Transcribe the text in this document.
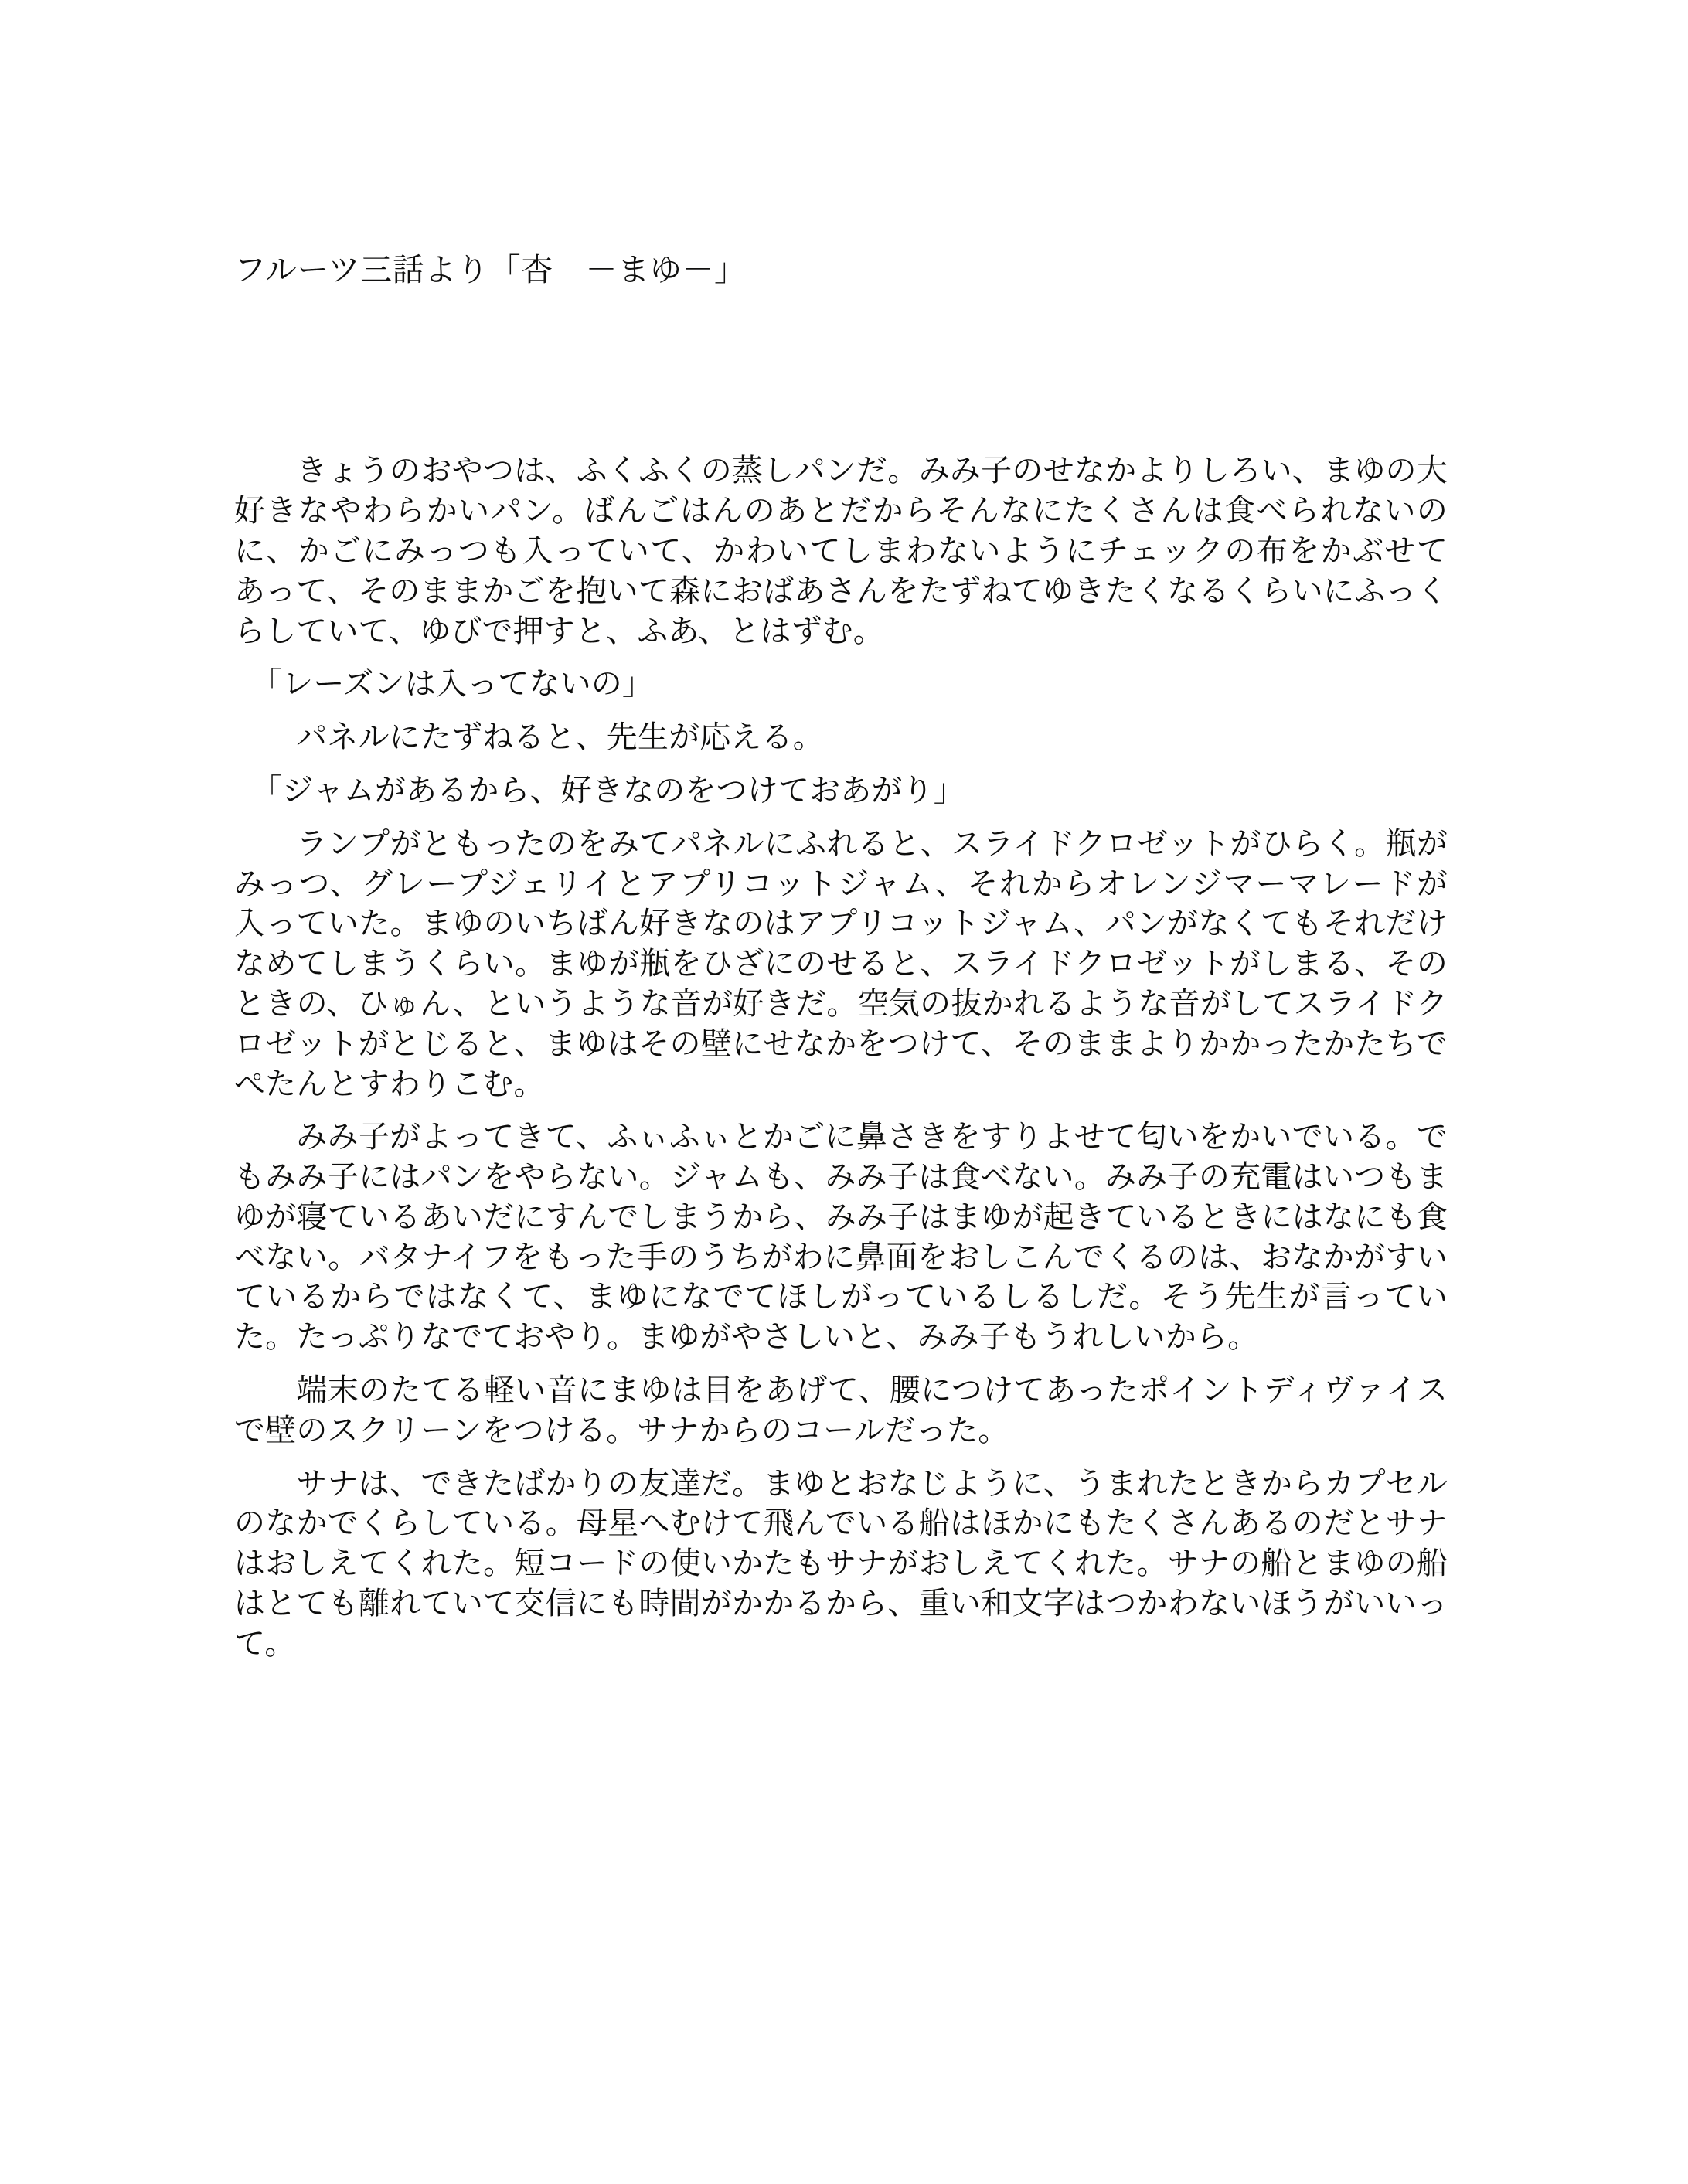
フルーツ三話より「杏　－まゆ－」

　きょうのおやつは、ふくふくの蒸しパンだ。みみ子のせなかよりしろい、まゆの大好きなやわらかいパン。ばんごはんのあとだからそんなにたくさんは食べられないのに、かごにみっつも入っていて、かわいてしまわないようにチェックの布をかぶせてあって、そのままかごを抱いて森におばあさんをたずねてゆきたくなるくらいにふっくらしていて、ゆびで押すと、ふあ、とはずむ。

「レーズンは入ってないの」

　パネルにたずねると、先生が応える。

「ジャムがあるから、好きなのをつけておあがり」

　ランプがともったのをみてパネルにふれると、スライドクロゼットがひらく。瓶がみっつ、グレープジェリイとアプリコットジャム、それからオレンジマーマレードが入っていた。まゆのいちばん好きなのはアプリコットジャム、パンがなくてもそれだけなめてしまうくらい。まゆが瓶をひざにのせると、スライドクロゼットがしまる、そのときの、ひゅん、というような音が好きだ。空気の抜かれるような音がしてスライドクロゼットがとじると、まゆはその壁にせなかをつけて、そのままよりかかったかたちでぺたんとすわりこむ。

　みみ子がよってきて、ふぃふぃとかごに鼻さきをすりよせて匂いをかいでいる。でもみみ子にはパンをやらない。ジャムも、みみ子は食べない。みみ子の充電はいつもまゆが寝ているあいだにすんでしまうから、みみ子はまゆが起きているときにはなにも食べない。バタナイフをもった手のうちがわに鼻面をおしこんでくるのは、おなかがすいているからではなくて、まゆになでてほしがっているしるしだ。そう先生が言っていた。たっぷりなでておやり。まゆがやさしいと、みみ子もうれしいから。

　端末のたてる軽い音にまゆは目をあげて、腰につけてあったポイントディヴァイスで壁のスクリーンをつける。サナからのコールだった。

　サナは、できたばかりの友達だ。まゆとおなじように、うまれたときからカプセルのなかでくらしている。母星へむけて飛んでいる船はほかにもたくさんあるのだとサナはおしえてくれた。短コードの使いかたもサナがおしえてくれた。サナの船とまゆの船はとても離れていて交信にも時間がかかるから、重い和文字はつかわないほうがいいって。
